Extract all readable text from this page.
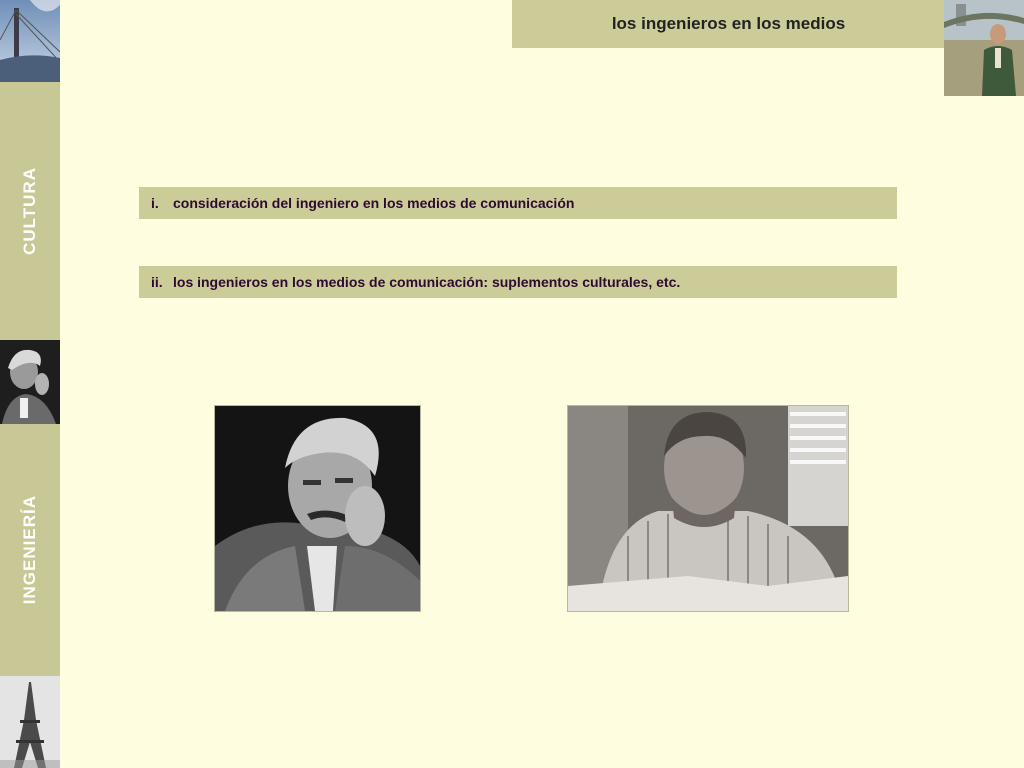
CULTURA
INGENIERÍA
los ingenieros en los medios
i.	consideración del ingeniero en los medios de comunicación
ii. los ingenieros en los medios de comunicación: suplementos culturales, etc.
